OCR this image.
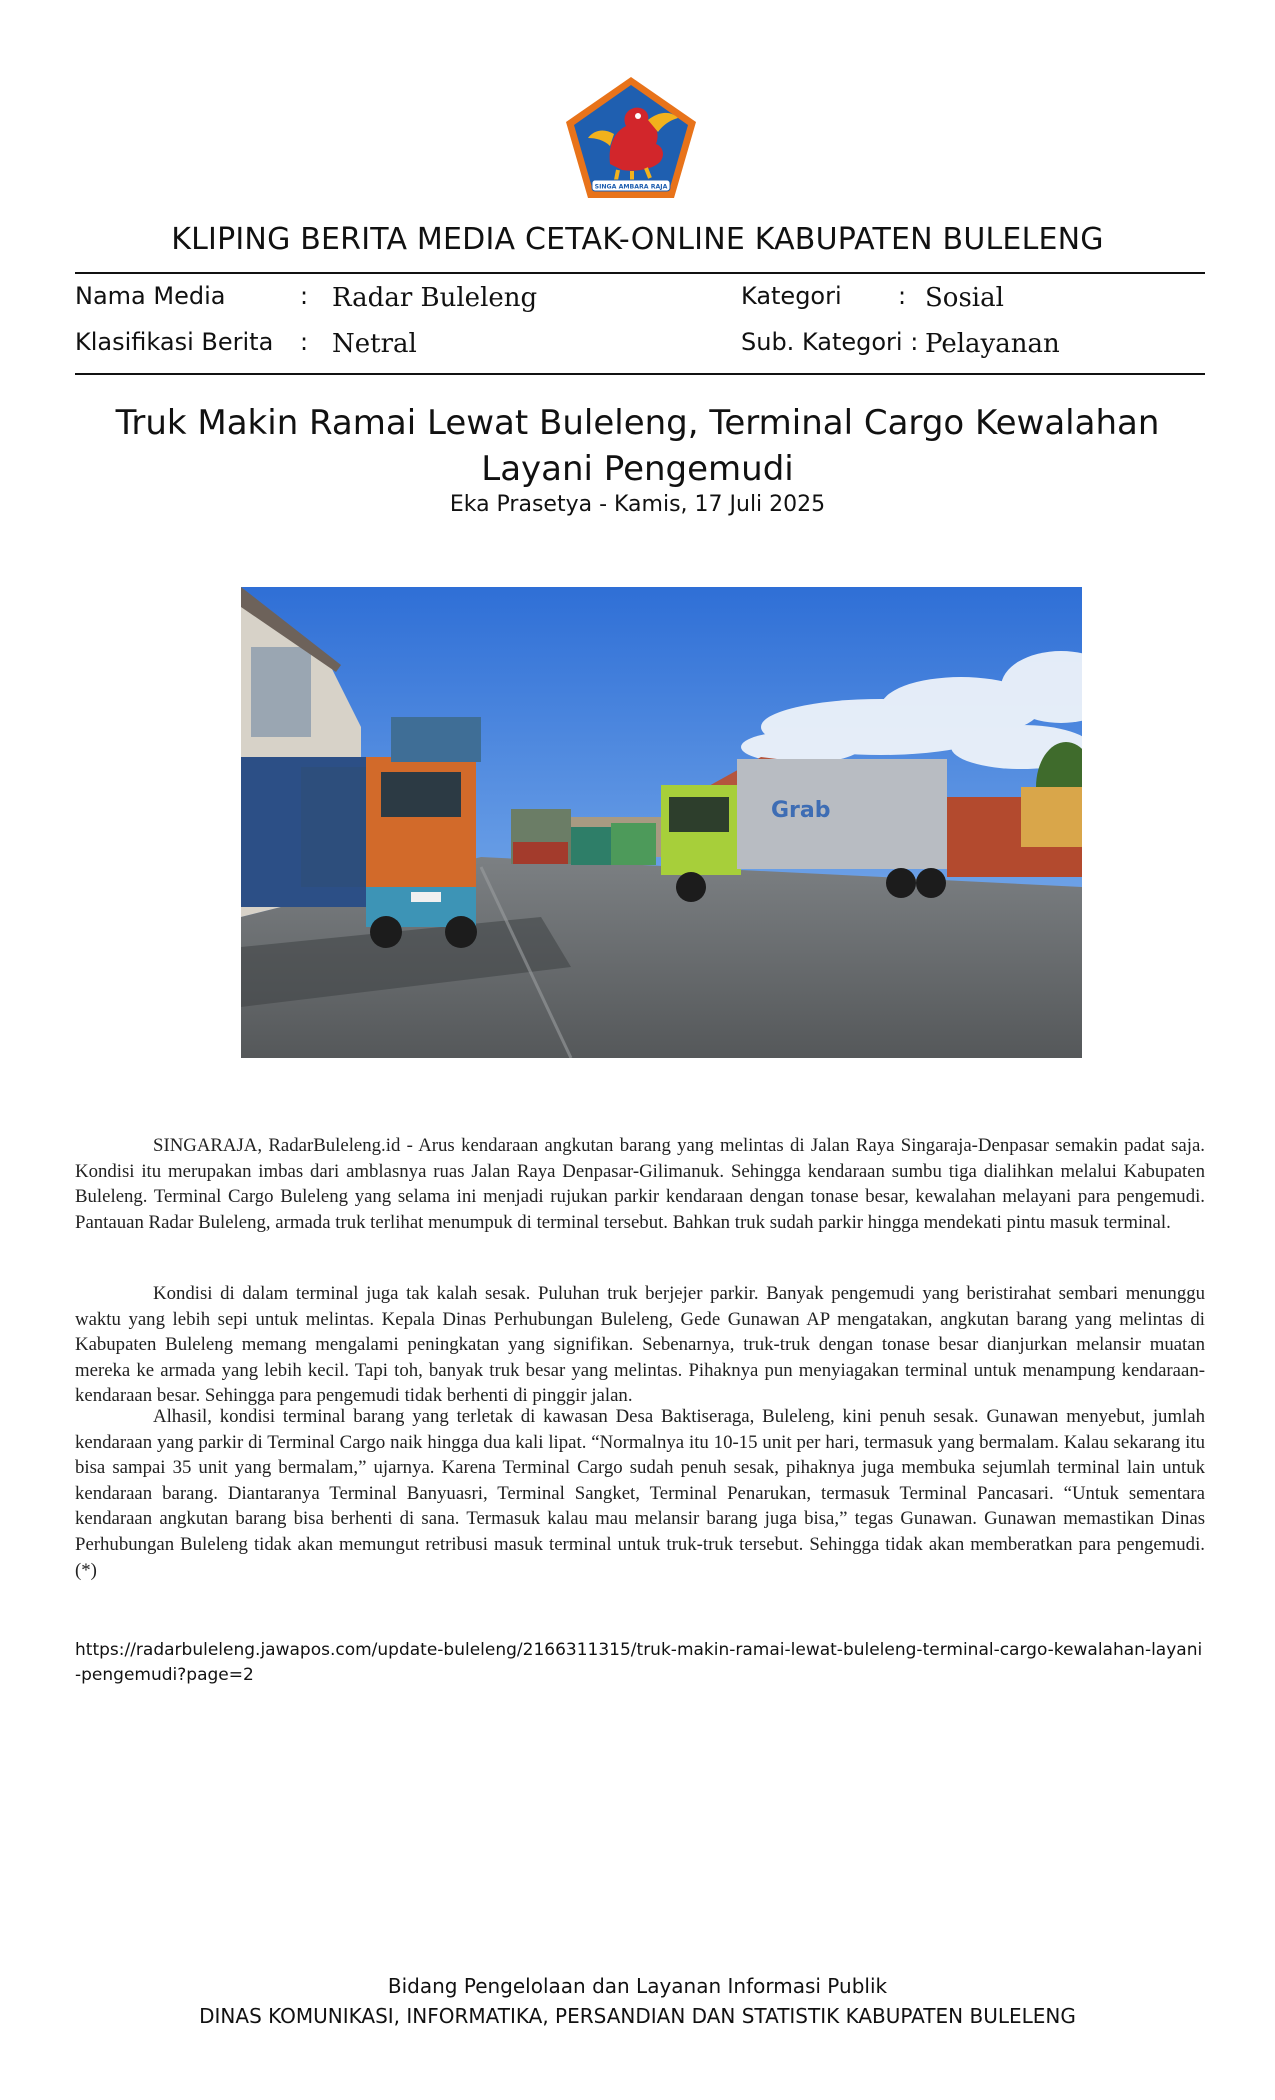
SINGA AMBARA RAJA
KLIPING BERITA MEDIA CETAK-ONLINE KABUPATEN BULELENG
Nama Media	: Radar Buleleng	Kategori : Sosial
Klasifikasi Berita : Netral	Sub. Kategori : Pelayanan
Truk Makin Ramai Lewat Buleleng, Terminal Cargo Kewalahan Layani Pengemudi
Eka Prasetya - Kamis, 17 Juli 2025
Grab
SINGARAJA, RadarBuleleng.id - Arus kendaraan angkutan barang yang melintas di Jalan Raya Singaraja-Denpasar semakin padat saja. Kondisi itu merupakan imbas dari amblasnya ruas Jalan Raya Denpasar-Gilimanuk. Sehingga kendaraan sumbu tiga dialihkan melalui Kabupaten Buleleng. Terminal Cargo Buleleng yang selama ini menjadi rujukan parkir kendaraan dengan tonase besar, kewalahan melayani para pengemudi. Pantauan Radar Buleleng, armada truk terlihat menumpuk di terminal tersebut. Bahkan truk sudah parkir hingga mendekati pintu masuk terminal.
Kondisi di dalam terminal juga tak kalah sesak. Puluhan truk berjejer parkir. Banyak pengemudi yang beristirahat sembari menunggu waktu yang lebih sepi untuk melintas. Kepala Dinas Perhubungan Buleleng, Gede Gunawan AP mengatakan, angkutan barang yang melintas di Kabupaten Buleleng memang mengalami peningkatan yang signifikan. Sebenarnya, truk-truk dengan tonase besar dianjurkan melansir muatan mereka ke armada yang lebih kecil. Tapi toh, banyak truk besar yang melintas. Pihaknya pun menyiagakan terminal untuk menampung kendaraan-kendaraan besar. Sehingga para pengemudi tidak berhenti di pinggir jalan.
Alhasil, kondisi terminal barang yang terletak di kawasan Desa Baktiseraga, Buleleng, kini penuh sesak. Gunawan menyebut, jumlah kendaraan yang parkir di Terminal Cargo naik hingga dua kali lipat. “Normalnya itu 10-15 unit per hari, termasuk yang bermalam. Kalau sekarang itu bisa sampai 35 unit yang bermalam,” ujarnya. Karena Terminal Cargo sudah penuh sesak, pihaknya juga membuka sejumlah terminal lain untuk kendaraan barang. Diantaranya Terminal Banyuasri, Terminal Sangket, Terminal Penarukan, termasuk Terminal Pancasari. “Untuk sementara kendaraan angkutan barang bisa berhenti di sana. Termasuk kalau mau melansir barang juga bisa,” tegas Gunawan. Gunawan memastikan Dinas Perhubungan Buleleng tidak akan memungut retribusi masuk terminal untuk truk-truk tersebut. Sehingga tidak akan memberatkan para pengemudi. (*)
https://radarbuleleng.jawapos.com/update-buleleng/2166311315/truk-makin-ramai-lewat-buleleng-terminal-cargo-kewalahan-layani-pengemudi?page=2
Bidang Pengelolaan dan Layanan Informasi Publik
DINAS KOMUNIKASI, INFORMATIKA, PERSANDIAN DAN STATISTIK KABUPATEN BULELENG
